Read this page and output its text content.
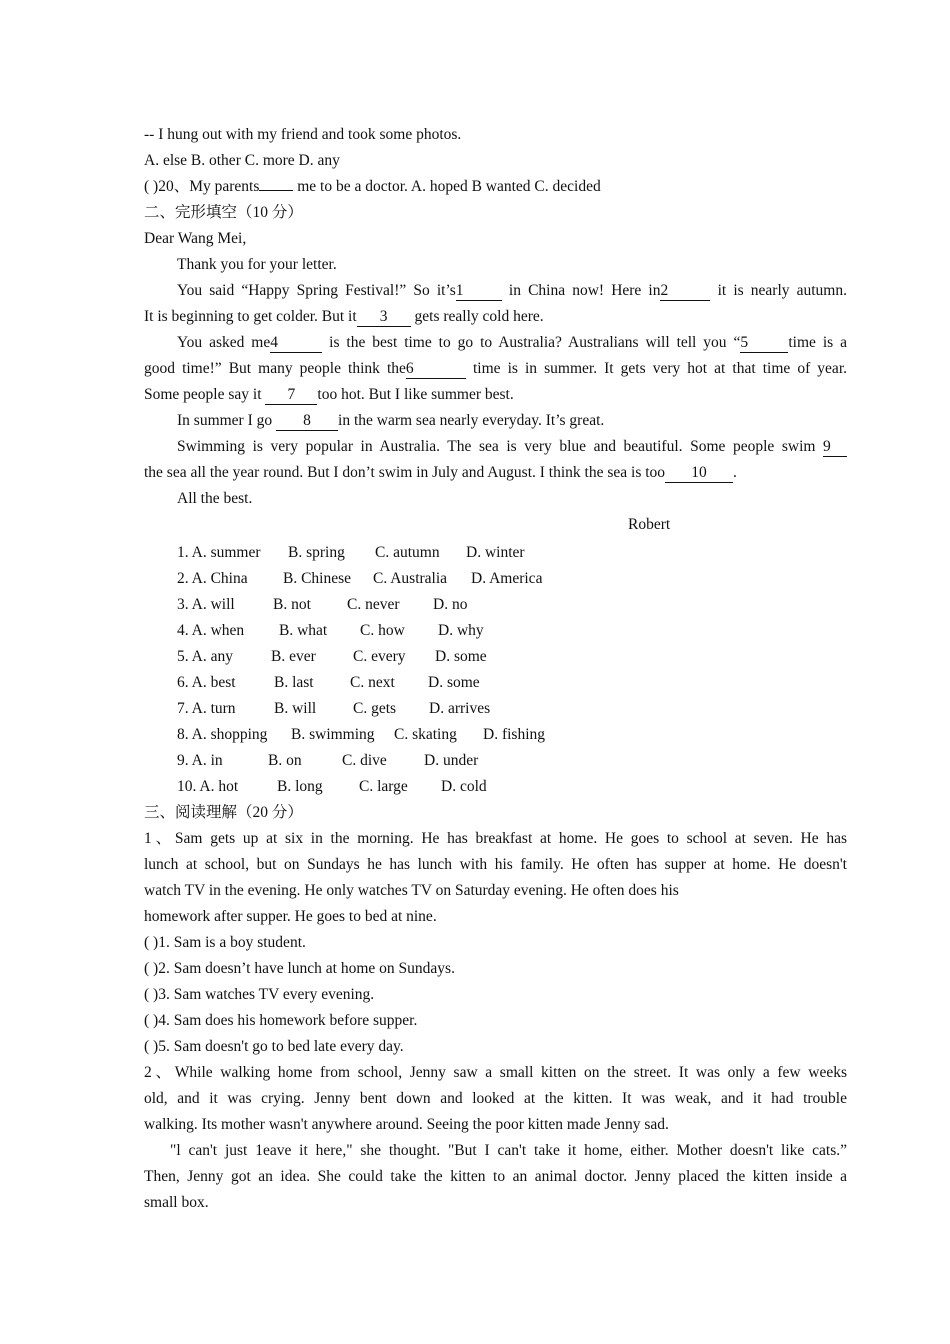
-- I hung out with my friend and took some photos.
A. else B. other C. more D. any
( )20、My parents me to be a doctor. A. hoped B wanted C. decided
二、完形填空（10 分）
Dear Wang Mei,
Thank you for your letter.
You said “Happy Spring Festival!” So it’s1 in China now! Here in2	it is nearly autumn.
It is beginning to get colder. But it 3 gets really cold here.
You asked me4	is the best time to go to Australia? Australians will tell you “5	time is a
good time!” But many people think the6	time is in summer. It gets very hot at that time of year.
Some people say it 7 too hot. But I like summer best.
In summer I go 8 in the warm sea nearly everyday. It’s great.
Swimming is very popular in Australia. The sea is very blue and beautiful. Some people swim 9
the sea all the year round. But I don’t swim in July and August. I think the sea is too 10 .
All the best.
Robert
1. A. summer B. spring C. autumn D. winter
2. A. China B. Chinese C. Australia D. America
3. A. will B. not C. never D. no
4. A. when B. what C. how D. why
5. A. any B. ever C. every D. some
6. A. best B. last C. next D. some
7. A. turn B. will C. gets D. arrives
8. A. shopping B. swimming C. skating D. fishing
9. A. in	B. on	C. dive D. under
10. A. hot	B. long C. large D. cold
三、阅读理解（20 分）
1、Sam gets up at six in the morning. He has breakfast at home. He goes to school at seven. He has
lunch at school, but on Sundays he has lunch with his family. He often has supper at home. He doesn't
watch TV in the evening. He only watches TV on Saturday evening. He often does his
homework after supper. He goes to bed at nine.
( )1. Sam is a boy student.
( )2. Sam doesn’t have lunch at home on Sundays.
( )3. Sam watches TV every evening.
( )4. Sam does his homework before supper.
( )5. Sam doesn't go to bed late every day.
2、While walking home from school, Jenny saw a small kitten on the street. It was only a few weeks
old, and it was crying. Jenny bent down and looked at the kitten. It was weak, and it had trouble
walking. Its mother wasn't anywhere around. Seeing the poor kitten made Jenny sad.
"l can't just 1eave it here," she thought. "But I can't take it home, either. Mother doesn't like cats.”
Then, Jenny got an idea. She could take the kitten to an animal doctor. Jenny placed the kitten inside a
small box.
